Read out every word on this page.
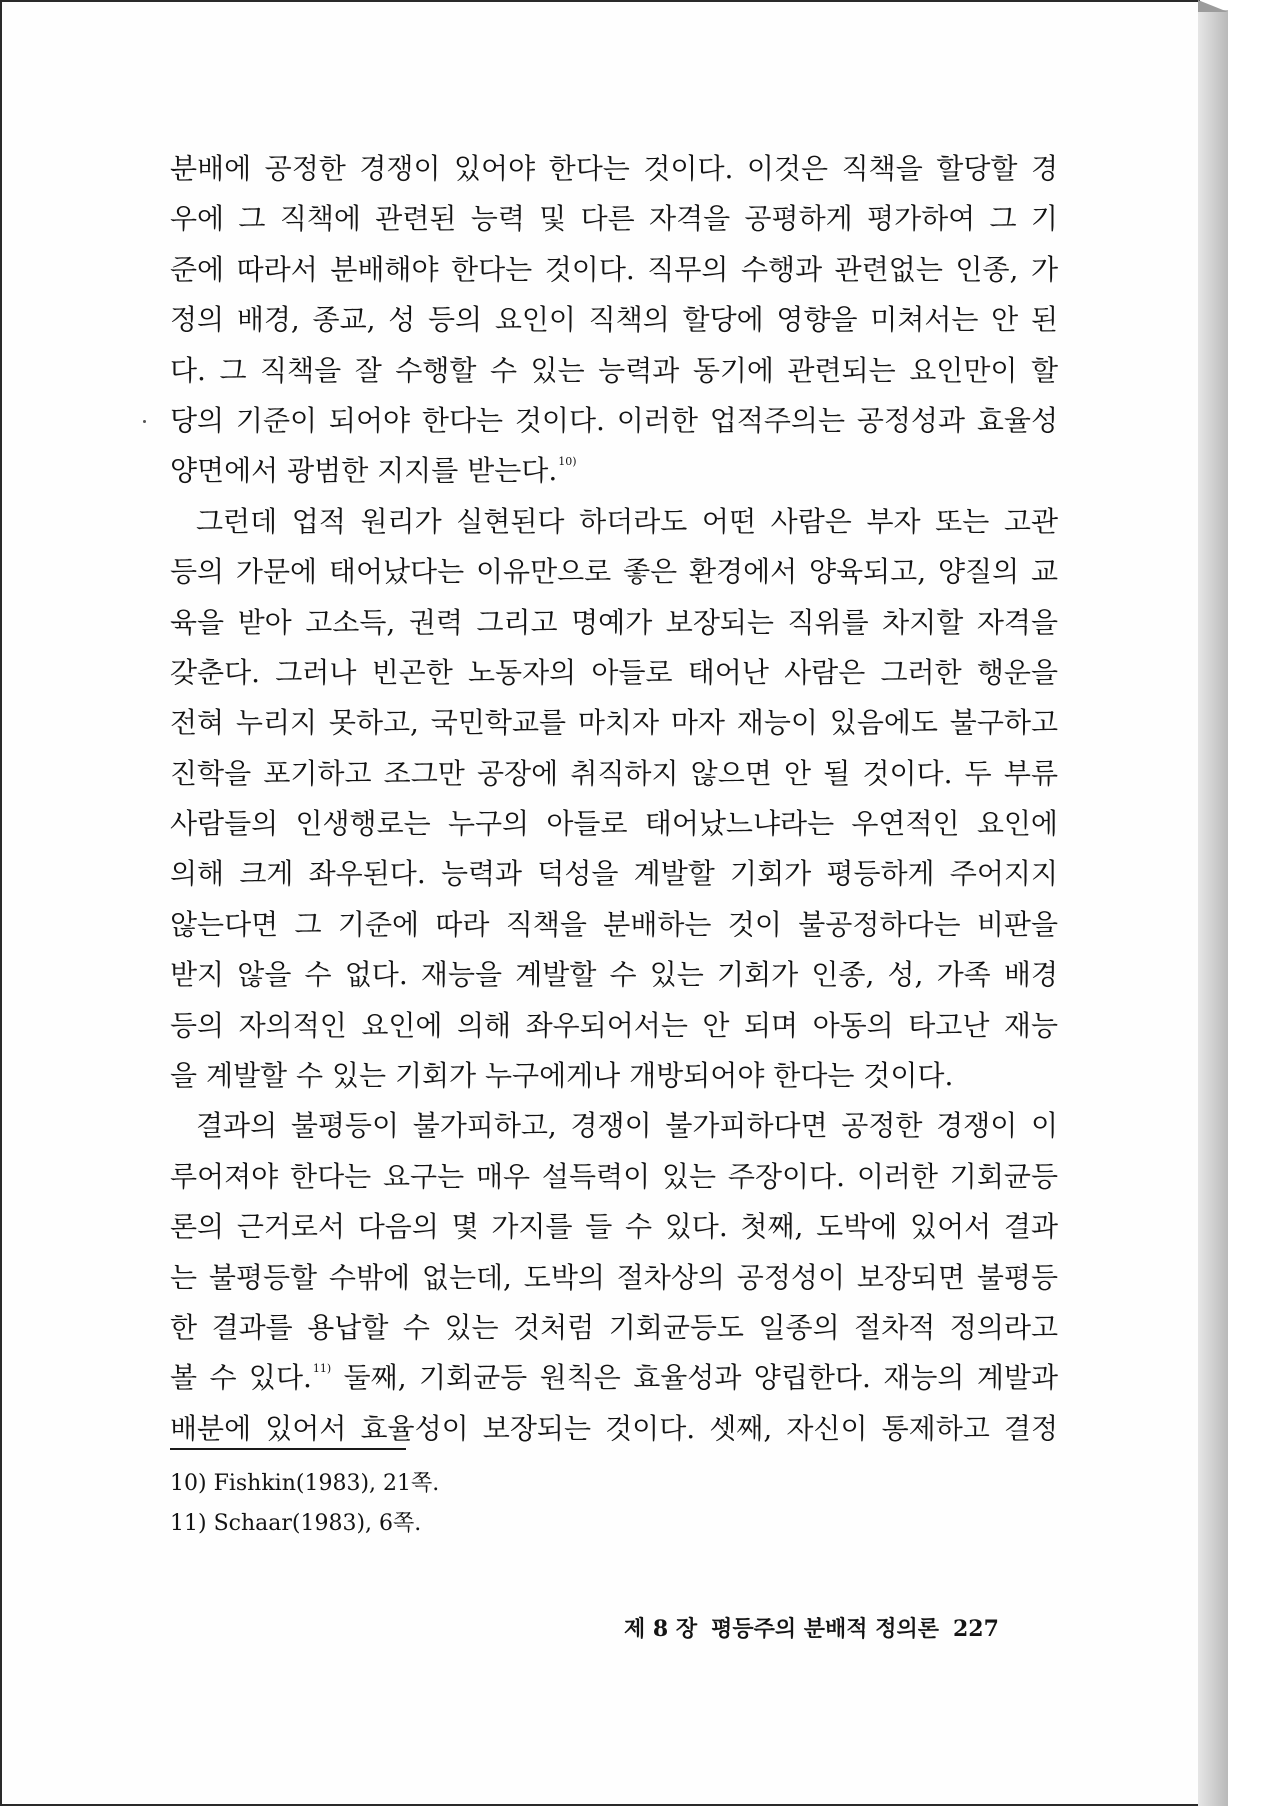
분배에 공정한 경쟁이 있어야 한다는 것이다. 이것은 직책을 할당할 경
우에 그 직책에 관련된 능력 및 다른 자격을 공평하게 평가하여 그 기
준에 따라서 분배해야 한다는 것이다. 직무의 수행과 관련없는 인종, 가
정의 배경, 종교, 성 등의 요인이 직책의 할당에 영향을 미쳐서는 안 된
다. 그 직책을 잘 수행할 수 있는 능력과 동기에 관련되는 요인만이 할
당의 기준이 되어야 한다는 것이다. 이러한 업적주의는 공정성과 효율성
양면에서 광범한 지지를 받는다.$^{10)}$

그런데 업적 원리가 실현된다 하더라도 어떤 사람은 부자 또는 고관
등의 가문에 태어났다는 이유만으로 좋은 환경에서 양육되고, 양질의 교
육을 받아 고소득, 권력 그리고 명예가 보장되는 직위를 차지할 자격을
갖춘다. 그러나 빈곤한 노동자의 아들로 태어난 사람은 그러한 행운을
전혀 누리지 못하고, 국민학교를 마치자 마자 재능이 있음에도 불구하고
진학을 포기하고 조그만 공장에 취직하지 않으면 안 될 것이다. 두 부류
사람들의 인생행로는 누구의 아들로 태어났느냐라는 우연적인 요인에
의해 크게 좌우된다. 능력과 덕성을 계발할 기회가 평등하게 주어지지
않는다면 그 기준에 따라 직책을 분배하는 것이 불공정하다는 비판을
받지 않을 수 없다. 재능을 계발할 수 있는 기회가 인종, 성, 가족 배경
등의 자의적인 요인에 의해 좌우되어서는 안 되며 아동의 타고난 재능
을 계발할 수 있는 기회가 누구에게나 개방되어야 한다는 것이다.

결과의 불평등이 불가피하고, 경쟁이 불가피하다면 공정한 경쟁이 이
루어져야 한다는 요구는 매우 설득력이 있는 주장이다. 이러한 기회균등
론의 근거로서 다음의 몇 가지를 들 수 있다. 첫째, 도박에 있어서 결과
는 불평등할 수밖에 없는데, 도박의 절차상의 공정성이 보장되면 불평등
한 결과를 용납할 수 있는 것처럼 기회균등도 일종의 절차적 정의라고
볼 수 있다.$^{11)}$ 둘째, 기회균등 원칙은 효율성과 양립한다. 재능의 계발과
배분에 있어서 효율성이 보장되는 것이다. 셋째, 자신이 통제하고 결정

10) Fishkin(1983), 21쪽.
11) Schaar(1983), 6쪽.
제 8 장 평등주의 분배적 정의론 227
